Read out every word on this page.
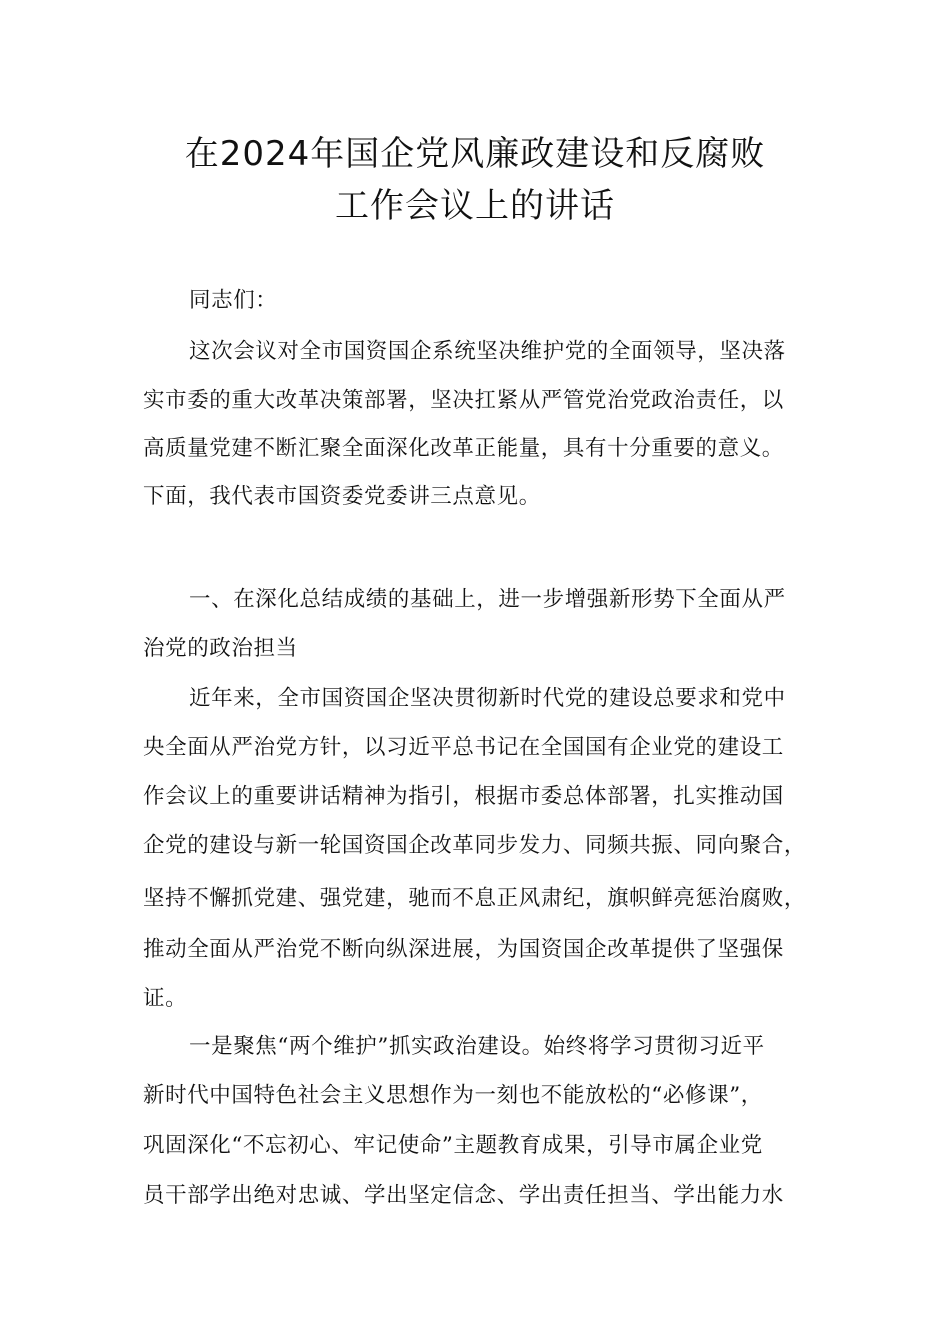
在2024年国企党风廉政建设和反腐败
工作会议上的讲话

同志们：

这次会议对全市国资国企系统坚决维护党的全面领导，坚决落

实市委的重大改革决策部署，坚决扛紧从严管党治党政治责任，以

高质量党建不断汇聚全面深化改革正能量，具有十分重要的意义。

下面，我代表市国资委党委讲三点意见。

一、在深化总结成绩的基础上，进一步增强新形势下全面从严

治党的政治担当

近年来，全市国资国企坚决贯彻新时代党的建设总要求和党中

央全面从严治党方针，以习近平总书记在全国国有企业党的建设工

作会议上的重要讲话精神为指引，根据市委总体部署，扎实推动国

企党的建设与新一轮国资国企改革同步发力、同频共振、同向聚合，

坚持不懈抓党建、强党建，驰而不息正风肃纪，旗帜鲜亮惩治腐败，

推动全面从严治党不断向纵深进展，为国资国企改革提供了坚强保

证。

一是聚焦“两个维护”抓实政治建设。始终将学习贯彻习近平

新时代中国特色社会主义思想作为一刻也不能放松的“必修课”，

巩固深化“不忘初心、牢记使命”主题教育成果，引导市属企业党

员干部学出绝对忠诚、学出坚定信念、学出责任担当、学出能力水
